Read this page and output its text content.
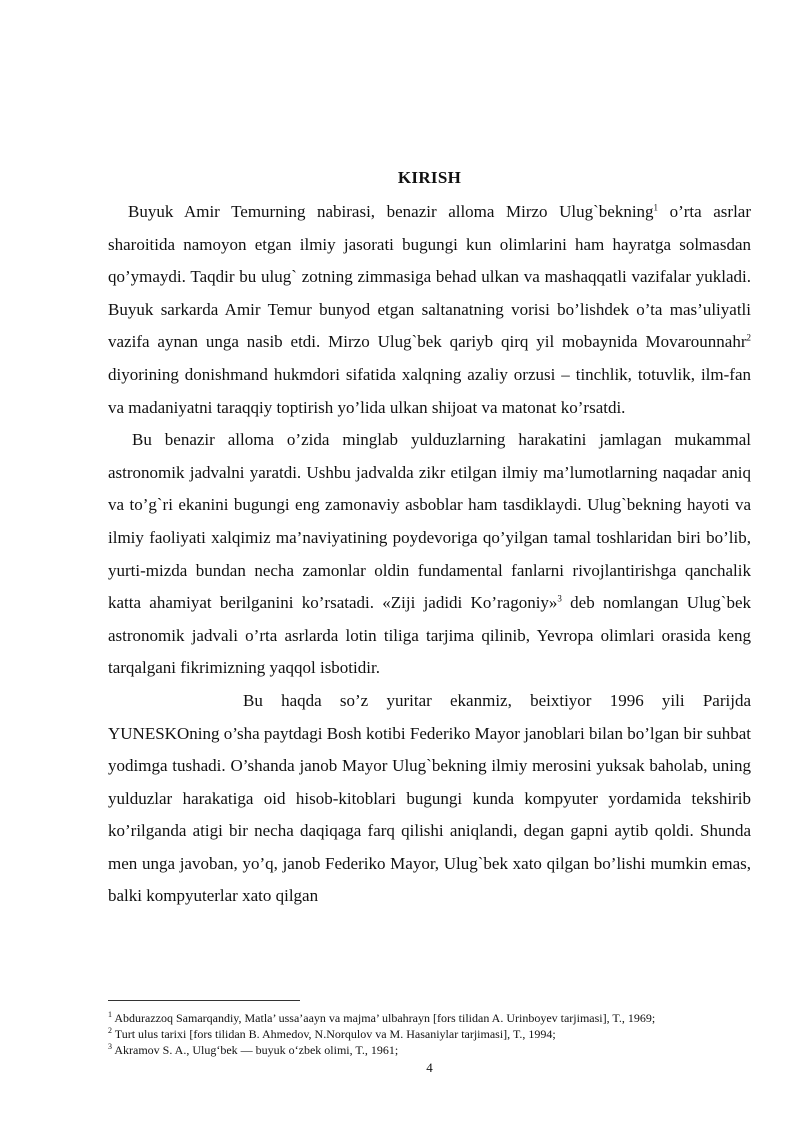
KIRISH

Buyuk Amir Temurning nabirasi, benazir alloma Mirzo Ulug`bekning$^1$ o’rta asrlar sharoitida namoyon etgan ilmiy jasorati bugungi kun olimlarini ham hayratga solmasdan qo’ymaydi. Taqdir bu ulug` zotning zimmasiga behad ulkan va mashaqqatli vazifalar yukladi. Buyuk sarkarda Amir Temur bunyod etgan saltanatning vorisi bo’lishdek o’ta mas’uliyatli vazifa aynan unga nasib etdi. Mirzo Ulug`bek qariyb qirq yil mobaynida Movarounnahr$^2$ diyorining donishmand hukmdori sifatida xalqning azaliy orzusi – tinchlik, totuvlik, ilm-fan va madaniyatni taraqqiy toptirish yo’lida ulkan shijoat va matonat ko’rsatdi.

Bu benazir alloma o’zida minglab yulduzlarning harakatini jamlagan mukammal astronomik jadvalni yaratdi. Ushbu jadvalda zikr etilgan ilmiy ma’lumotlarning naqadar aniq va to’g`ri ekanini bugungi eng zamonaviy asboblar ham tasdiklaydi. Ulug`bekning hayoti va ilmiy faoliyati xalqimiz ma’naviyatining poydevoriga qo’yilgan tamal toshlaridan biri bo’lib, yurti-mizda bundan necha zamonlar oldin fundamental fanlarni rivojlantirishga qanchalik katta ahamiyat berilganini ko’rsatadi. «Ziji jadidi Ko’ragoniy»$^3$ deb nomlangan Ulug`bek astronomik jadvali o’rta asrlarda lotin tiliga tarjima qilinib, Yevropa olimlari orasida keng tarqalgani fikrimizning yaqqol isbotidir.

Bu haqda so’z yuritar ekanmiz, beixtiyor 1996 yili Parijda YUNESKOning o’sha paytdagi Bosh kotibi Federiko Mayor janoblari bilan bo’lgan bir suhbat yodimga tushadi. O’shanda janob Mayor Ulug`bekning ilmiy merosini yuksak baholab, uning yulduzlar harakatiga oid hisob-kitoblari bugungi kunda kompyuter yordamida tekshirib ko’rilganda atigi bir necha daqiqaga farq qilishi aniqlandi, degan gapni aytib qoldi. Shunda men unga javoban, yo’q, janob Federiko Mayor, Ulug`bek xato qilgan bo’lishi mumkin emas, balki kompyuterlar xato qilgan

$^1$ Abdurazzoq Samarqandiy, Matla’ ussa’aayn va majma’ ulbahrayn [fors tilidan A. Urinboyev tarjimasi], T., 1969;
$^2$ Turt ulus tarixi [fors tilidan B. Ahmedov, N.Norqulov va M. Hasaniylar tarjimasi], T., 1994;
$^3$ Akramov S. A., Ulug‘bek — buyuk o‘zbek olimi, T., 1961;
4
